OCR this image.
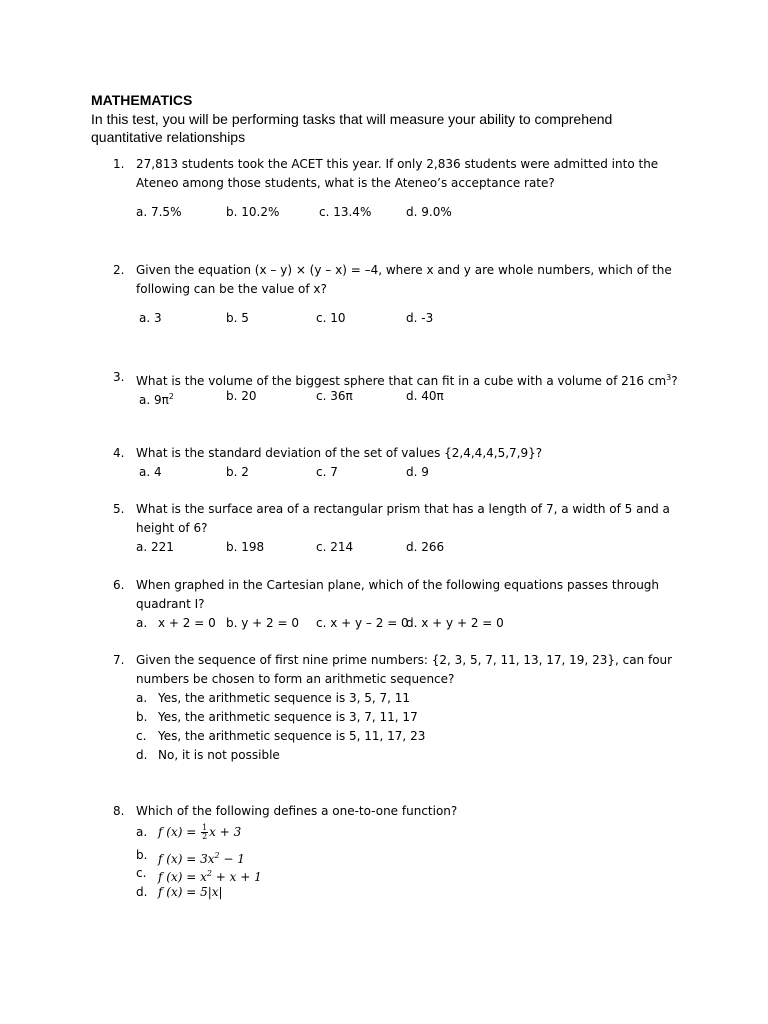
MATHEMATICS

In this test, you will be performing tasks that will measure your ability to comprehend quantitative relationships

1. 27,813 students took the ACET this year. If only 2,836 students were admitted into the Ateneo among those students, what is the Ateneo’s acceptance rate?
a. 7.5%	b. 10.2%	c. 13.4%	d. 9.0%
2. Given the equation (x – y) × (y – x) = –4, where x and y are whole numbers, which of the following can be the value of x?
a. 3	b. 5	c. 10	d. -3
3. What is the volume of the biggest sphere that can fit in a cube with a volume of 216 $cm^3$?
a. $9\pi^2$	b. 20	c. 36π	d. 40π
4. What is the standard deviation of the set of values {2,4,4,4,5,7,9}?
a. 4	b. 2	c. 7	d. 9
5. What is the surface area of a rectangular prism that has a length of 7, a width of 5 and a height of 6?
a. 221	b. 198	c. 214	d. 266
6. When graphed in the Cartesian plane, which of the following equations passes through quadrant I?
a. x + 2 = 0 b. y + 2 = 0 c. x + y – 2 = 0
d. x + y + 2 = 0
7. Given the sequence of first nine prime numbers: {2, 3, 5, 7, 11, 13, 17, 19, 23}, can four numbers be chosen to form an arithmetic sequence?
a. Yes, the arithmetic sequence is 3, 5, 7, 11
b. Yes, the arithmetic sequence is 3, 7, 11, 17
c. Yes, the arithmetic sequence is 5, 11, 17, 23
d. No, it is not possible
8. Which of the following defines a one-to-one function?
a. f $(x) = \frac{1}{2}$ x + 3
b. f $(x) = 3x^2 - 1$
c. f $(x) = x^2 + x + 1$
d. f (x) = 5|x|
